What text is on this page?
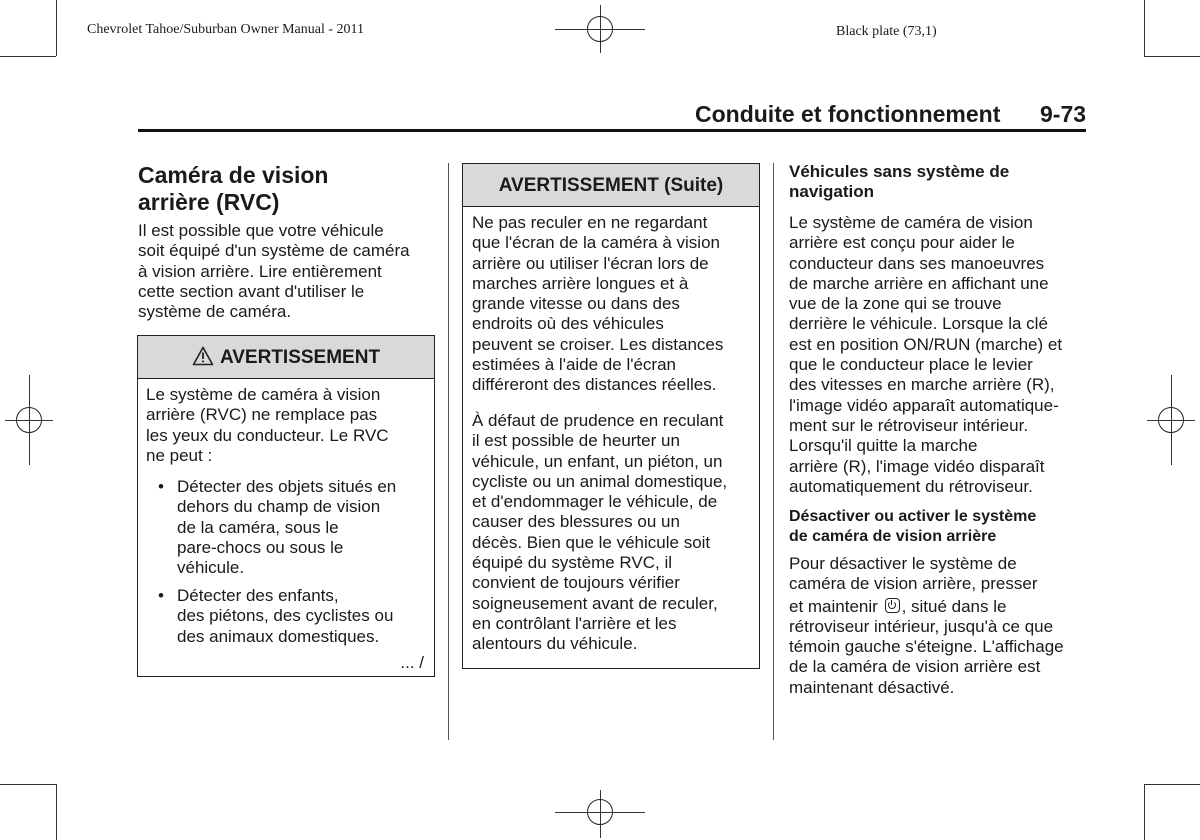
Chevrolet Tahoe/Suburban Owner Manual - 2011	Black plate (73,1)
Conduite et fonctionnement 9-73
Caméra de vision
arrière (RVC)
Il est possible que votre véhicule
soit équipé d'un système de caméra
à vision arrière. Lire entièrement
cette section avant d'utiliser le
système de caméra.
AVERTISSEMENT
Le système de caméra à vision
arrière (RVC) ne remplace pas
les yeux du conducteur. Le RVC
ne peut :
• Détecter des objets situés en
dehors du champ de vision
de la caméra, sous le
pare-chocs ou sous le
véhicule.
• Détecter des enfants,
des piétons, des cyclistes ou
des animaux domestiques.
... /
AVERTISSEMENT (Suite)
Ne pas reculer en ne regardant
que l'écran de la caméra à vision
arrière ou utiliser l'écran lors de
marches arrière longues et à
grande vitesse ou dans des
endroits où des véhicules
peuvent se croiser. Les distances
estimées à l'aide de l'écran
différeront des distances réelles.
À défaut de prudence en reculant
il est possible de heurter un
véhicule, un enfant, un piéton, un
cycliste ou un animal domestique,
et d'endommager le véhicule, de
causer des blessures ou un
décès. Bien que le véhicule soit
équipé du système RVC, il
convient de toujours vérifier
soigneusement avant de reculer,
en contrôlant l'arrière et les
alentours du véhicule.
Véhicules sans système de
navigation
Le système de caméra de vision
arrière est conçu pour aider le
conducteur dans ses manoeuvres
de marche arrière en affichant une
vue de la zone qui se trouve
derrière le véhicule. Lorsque la clé
est en position ON/RUN (marche) et
que le conducteur place le levier
des vitesses en marche arrière (R),
l'image vidéo apparaît automatique-
ment sur le rétroviseur intérieur.
Lorsqu'il quitte la marche
arrière (R), l'image vidéo disparaît
automatiquement du rétroviseur.
Désactiver ou activer le système
de caméra de vision arrière
Pour désactiver le système de
caméra de vision arrière, presser
et maintenir , situé dans le
rétroviseur intérieur, jusqu'à ce que
témoin gauche s'éteigne. L'affichage
de la caméra de vision arrière est
maintenant désactivé.
